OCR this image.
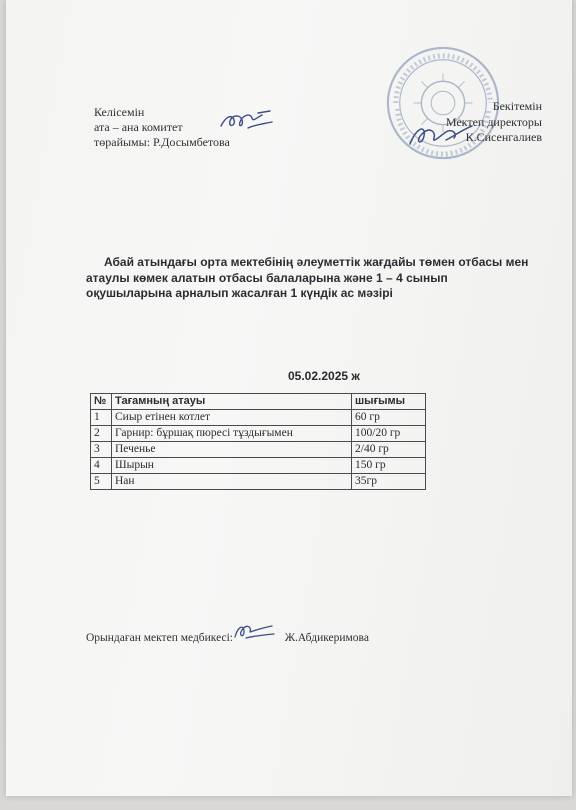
Келісемін
ата – ана комитет
төрайымы: Р.Досымбетова
Бекітемін
Мектеп директоры
К.Сисенгалиев
Абай атындағы орта мектебінің әлеуметтік жағдайы төмен отбасы мен
атаулы көмек алатын отбасы балаларына және 1 – 4 сынып
оқушыларына арналып жасалған 1 күндік ас мәзірі
05.02.2025 ж
№	Тағамның атауы	шығымы
1	Сиыр етінен котлет	60 гр
2	Гарнир: бұршақ пюресі тұздығымен	100/20 гр
3	Печенье	2/40 гр
4	Шырын	150 гр
5	Нан	35гр
Орындаған мектеп медбикесі:	Ж.Абдикеримова
